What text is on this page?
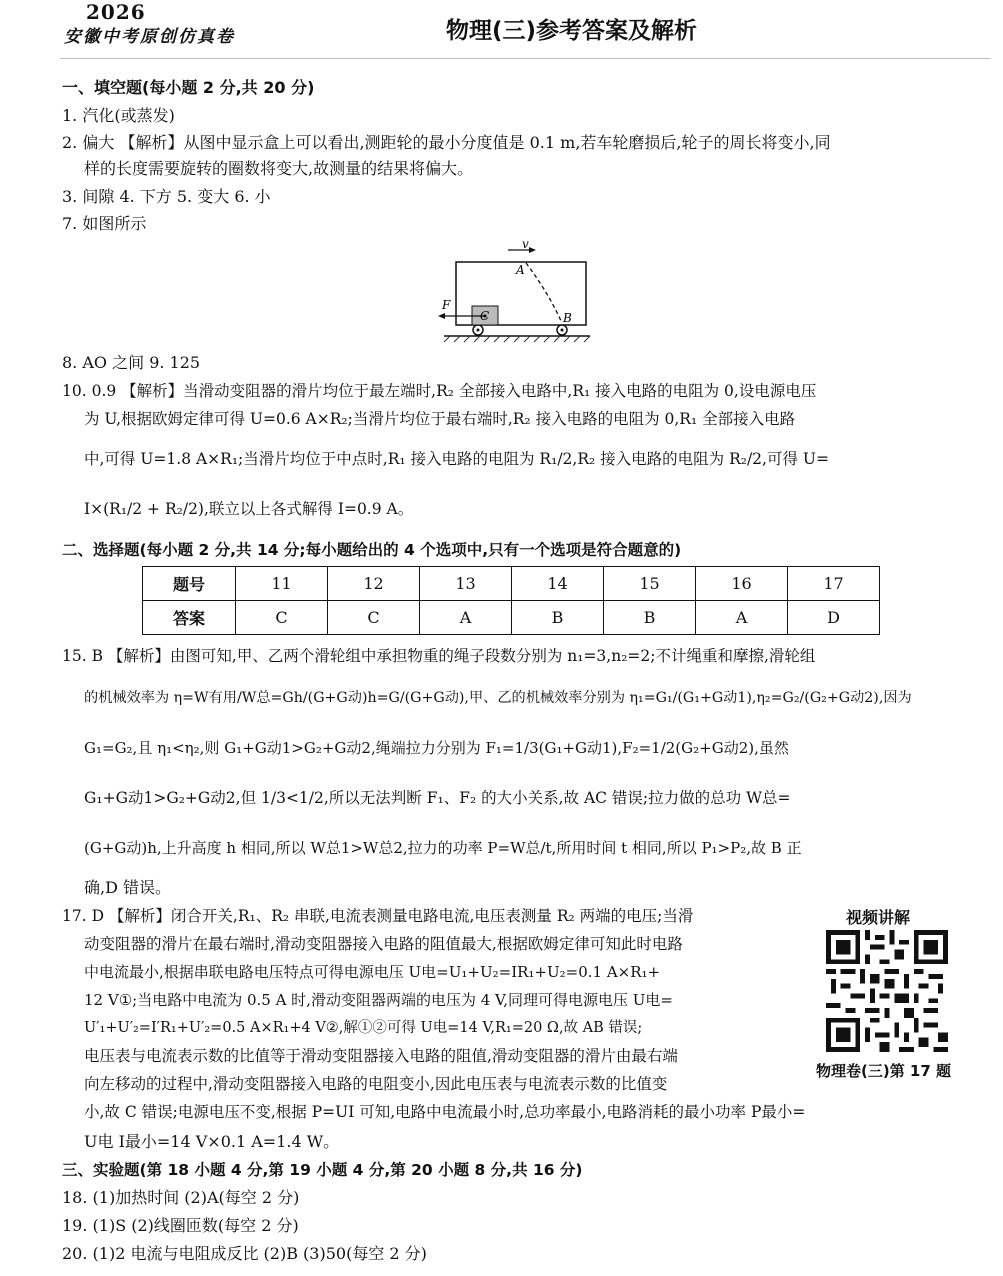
2026
安徽中考原创仿真卷	物理(三)参考答案及解析
一、填空题(每小题 2 分,共 20 分)
1. 汽化(或蒸发)
2. 偏大 【解析】从图中显示盒上可以看出,测距轮的最小分度值是 0.1 m,若车轮磨损后,轮子的周长将变小,同
样的长度需要旋转的圈数将变大,故测量的结果将偏大。
3. 间隙 4. 下方 5. 变大 6. 小
7. 如图所示
v
A
F
C	B
8. AO 之间 9. 125
10. 0.9 【解析】当滑动变阻器的滑片均位于最左端时,R₂ 全部接入电路中,R₁ 接入电路的电阻为 0,设电源电压
为 U,根据欧姆定律可得 U=0.6 A×R₂;当滑片均位于最右端时,R₂ 接入电路的电阻为 0,R₁ 全部接入电路
中,可得 U=1.8 A×R₁;当滑片均位于中点时,R₁ 接入电路的电阻为 R₁/2,R₂ 接入电路的电阻为 R₂/2,可得 U=
I×(R₁/2 + R₂/2),联立以上各式解得 I=0.9 A。
二、选择题(每小题 2 分,共 14 分;每小题给出的 4 个选项中,只有一个选项是符合题意的)
题号	11	12	13	14	15	16	17
答案	C	C	A	B	B	A	D
15. B 【解析】由图可知,甲、乙两个滑轮组中承担物重的绳子段数分别为 n₁=3,n₂=2;不计绳重和摩擦,滑轮组
的机械效率为 η=W有用/W总=Gh/(G+G动)h=G/(G+G动),甲、乙的机械效率分别为 η₁=G₁/(G₁+G动1),η₂=G₂/(G₂+G动2),因为
G₁=G₂,且 η₁<η₂,则 G₁+G动1>G₂+G动2,绳端拉力分别为 F₁=1/3(G₁+G动1),F₂=1/2(G₂+G动2),虽然
G₁+G动1>G₂+G动2,但 1/3<1/2,所以无法判断 F₁、F₂ 的大小关系,故 AC 错误;拉力做的总功 W总=
(G+G动)h,上升高度 h 相同,所以 W总1>W总2,拉力的功率 P=W总/t,所用时间 t 相同,所以 P₁>P₂,故 B 正
确,D 错误。
17. D 【解析】闭合开关,R₁、R₂ 串联,电流表测量电路电流,电压表测量 R₂ 两端的电压;当滑
动变阻器的滑片在最右端时,滑动变阻器接入电路的阻值最大,根据欧姆定律可知此时电路
中电流最小,根据串联电路电压特点可得电源电压 U电=U₁+U₂=IR₁+U₂=0.1 A×R₁+
12 V①;当电路中电流为 0.5 A 时,滑动变阻器两端的电压为 4 V,同理可得电源电压 U电=
U′₁+U′₂=I′R₁+U′₂=0.5 A×R₁+4 V②,解①②可得 U电=14 V,R₁=20 Ω,故 AB 错误;
电压表与电流表示数的比值等于滑动变阻器接入电路的阻值,滑动变阻器的滑片由最右端
向左移动的过程中,滑动变阻器接入电路的电阻变小,因此电压表与电流表示数的比值变
小,故 C 错误;电源电压不变,根据 P=UI 可知,电路中电流最小时,总功率最小,电路消耗的最小功率 P最小=
U电 I最小=14 V×0.1 A=1.4 W。
视频讲解
物理卷(三)第 17 题
三、实验题(第 18 小题 4 分,第 19 小题 4 分,第 20 小题 8 分,共 16 分)
18. (1)加热时间 (2)A(每空 2 分)
19. (1)S (2)线圈匝数(每空 2 分)
20. (1)2 电流与电阻成反比 (2)B (3)50(每空 2 分)
